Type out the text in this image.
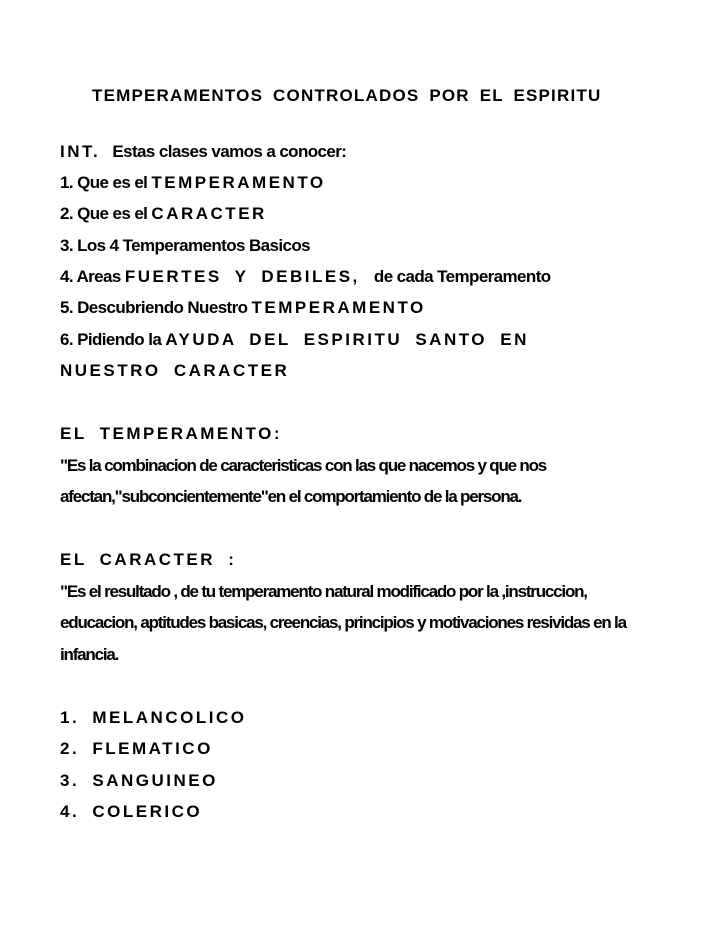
TEMPERAMENTOS CONTROLADOS POR EL ESPIRITU
INT. Estas clases vamos a conocer:
1. Que es el TEMPERAMENTO
2. Que es el CARACTER
3. Los 4 Temperamentos Basicos
4. Areas FUERTES Y DEBILES, de cada Temperamento
5. Descubriendo Nuestro TEMPERAMENTO
6. Pidiendo la AYUDA DEL ESPIRITU SANTO EN
NUESTRO CARACTER
EL TEMPERAMENTO:
"Es la combinacion de caracteristicas con las que nacemos y que nos
afectan,"subconcientemente"en el comportamiento de la persona.
EL CARACTER :
"Es el resultado , de tu temperamento natural modificado por la ,instruccion,
educacion, aptitudes basicas, creencias, principios y motivaciones resividas en la
infancia.
1. MELANCOLICO
2. FLEMATICO
3. SANGUINEO
4. COLERICO
